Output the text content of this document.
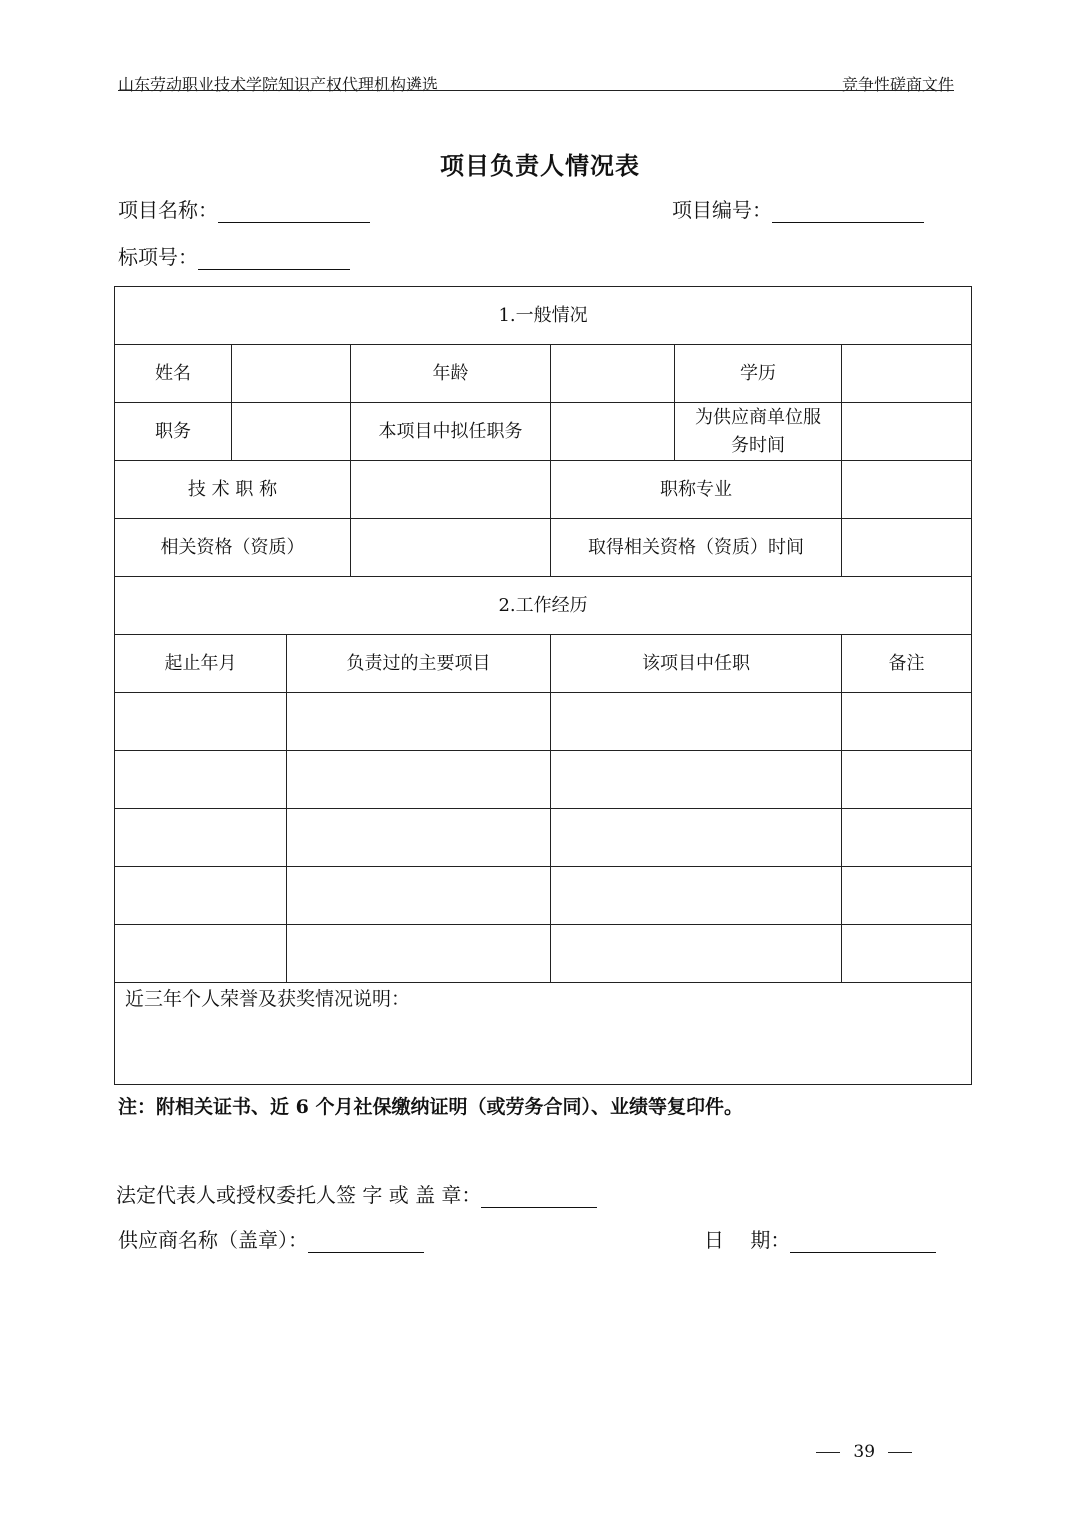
山东劳动职业技术学院知识产权代理机构遴选	竞争性磋商文件
项目负责人情况表
项目名称：	项目编号：
标项号：
1.一般情况						
姓名			年龄		学历	
职务			本项目中拟任职务		为供应商单位服务时间	
技 术 职 称				职称专业		
相关资格（资质）				取得相关资格（资质）时间		
2.工作经历						
起止年月		负责过的主要项目		该项目中任职		备注

近三年个人荣誉及获奖情况说明：						
注：附相关证书、近 6 个月社保缴纳证明（或劳务合同）、业绩等复印件。
法定代表人或授权委托人签 字 或 盖 章：
供应商名称（盖章）：	日　 期：
39
